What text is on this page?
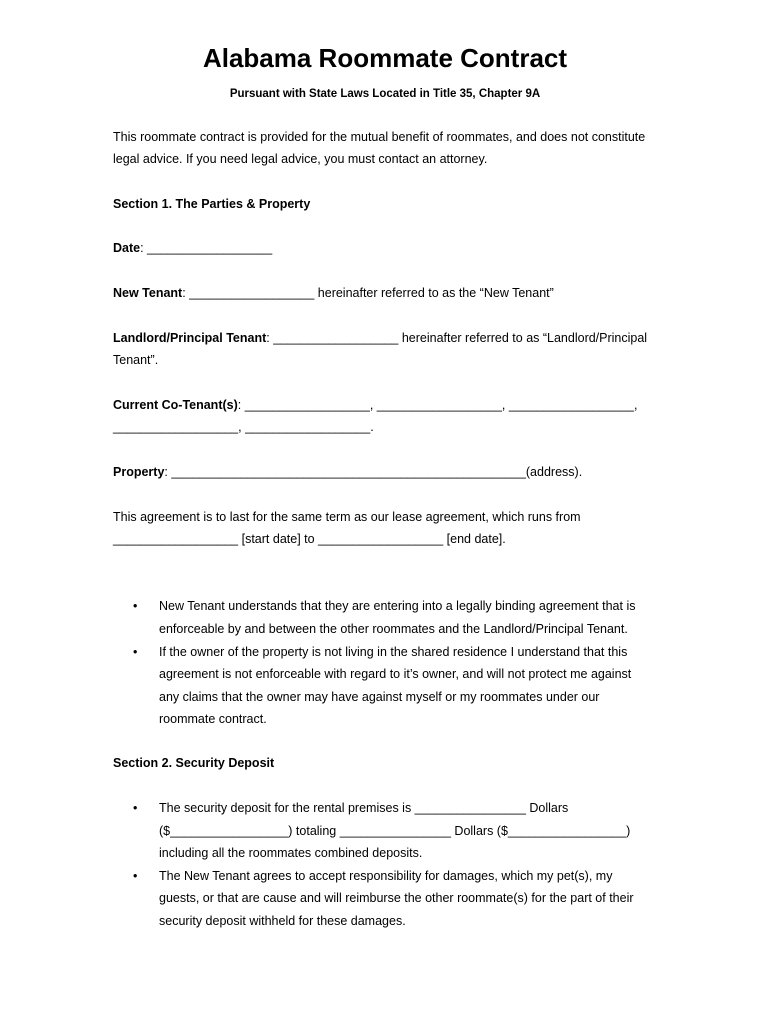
Alabama Roommate Contract
Pursuant with State Laws Located in Title 35, Chapter 9A
This roommate contract is provided for the mutual benefit of roommates, and does not constitute
legal advice. If you need legal advice, you must contact an attorney.
Section 1. The Parties & Property
Date: __________________
New Tenant: __________________ hereinafter referred to as the “New Tenant”
Landlord/Principal Tenant: __________________ hereinafter referred to as “Landlord/Principal
Tenant”.
Current Co-Tenant(s): __________________, __________________, __________________,
__________________, __________________.
Property: ___________________________________________________(address).
This agreement is to last for the same term as our lease agreement, which runs from
__________________ [start date] to __________________ [end date].
• New Tenant understands that they are entering into a legally binding agreement that is
enforceable by and between the other roommates and the Landlord/Principal Tenant.
• If the owner of the property is not living in the shared residence I understand that this
agreement is not enforceable with regard to it’s owner, and will not protect me against
any claims that the owner may have against myself or my roommates under our
roommate contract.
Section 2. Security Deposit
• The security deposit for the rental premises is ________________ Dollars
($_________________) totaling ________________ Dollars ($_________________)
including all the roommates combined deposits.
• The New Tenant agrees to accept responsibility for damages, which my pet(s), my
guests, or that are cause and will reimburse the other roommate(s) for the part of their
security deposit withheld for these damages.
